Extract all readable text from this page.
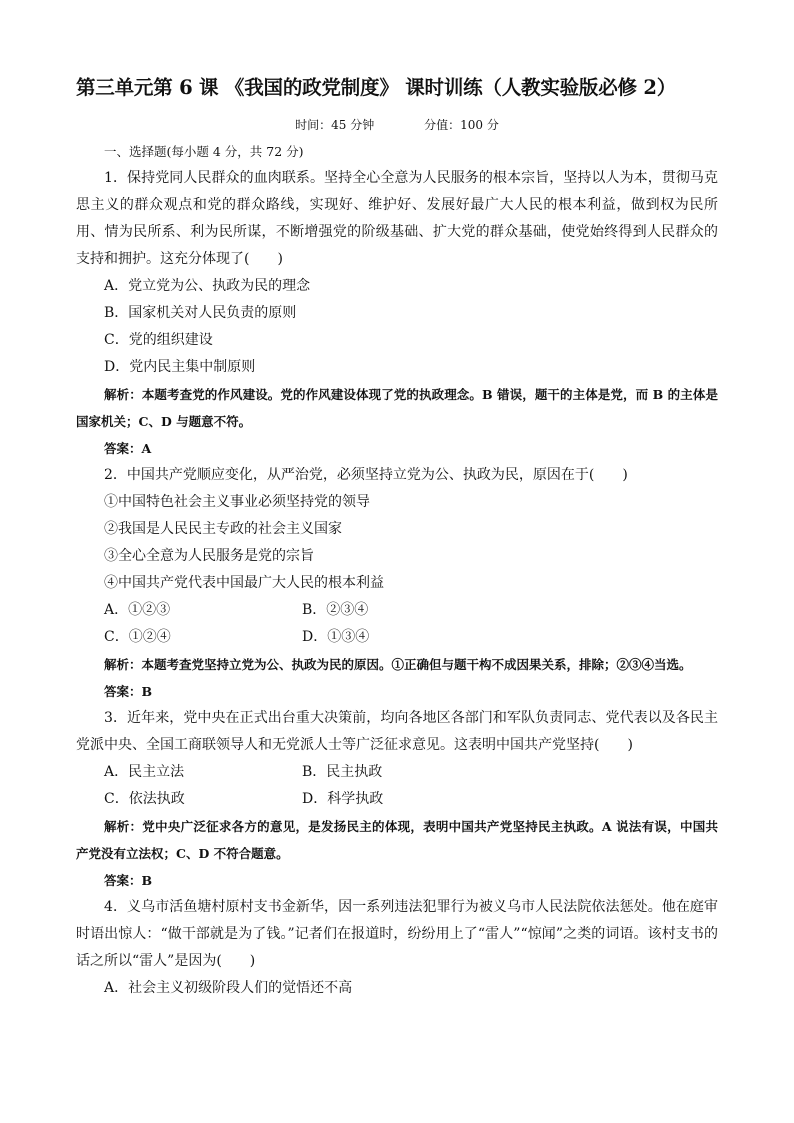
第三单元第 6 课 《我国的政党制度》 课时训练（人教实验版必修 2）
时间：45 分钟	分值：100 分
一、选择题(每小题 4 分，共 72 分)
1．保持党同人民群众的血肉联系。坚持全心全意为人民服务的根本宗旨，坚持以人为本，贯彻马克思主义的群众观点和党的群众路线，实现好、维护好、发展好最广大人民的根本利益，做到权为民所用、情为民所系、利为民所谋，不断增强党的阶级基础、扩大党的群众基础，使党始终得到人民群众的支持和拥护。这充分体现了(　　)
A．党立党为公、执政为民的理念
B．国家机关对人民负责的原则
C．党的组织建设
D．党内民主集中制原则
解析：本题考查党的作风建设。党的作风建设体现了党的执政理念。B 错误，题干的主体是党，而 B 的主体是国家机关；C、D 与题意不符。
答案：A
2．中国共产党顺应变化，从严治党，必须坚持立党为公、执政为民，原因在于(　　)
①中国特色社会主义事业必须坚持党的领导
②我国是人民民主专政的社会主义国家
③全心全意为人民服务是党的宗旨
④中国共产党代表中国最广大人民的根本利益
A．①②③	B．②③④
C．①②④	D．①③④
解析：本题考查党坚持立党为公、执政为民的原因。①正确但与题干构不成因果关系，排除；②③④当选。
答案：B
3．近年来，党中央在正式出台重大决策前，均向各地区各部门和军队负责同志、党代表以及各民主党派中央、全国工商联领导人和无党派人士等广泛征求意见。这表明中国共产党坚持(　　)
A．民主立法	B．民主执政
C．依法执政	D．科学执政
解析：党中央广泛征求各方的意见，是发扬民主的体现，表明中国共产党坚持民主执政。A 说法有误，中国共产党没有立法权；C、D 不符合题意。
答案：B
4．义乌市活鱼塘村原村支书金新华，因一系列违法犯罪行为被义乌市人民法院依法惩处。他在庭审时语出惊人：“做干部就是为了钱。”记者们在报道时，纷纷用上了“雷人”“惊闻”之类的词语。该村支书的话之所以“雷人”是因为(　　)
A．社会主义初级阶段人们的觉悟还不高
